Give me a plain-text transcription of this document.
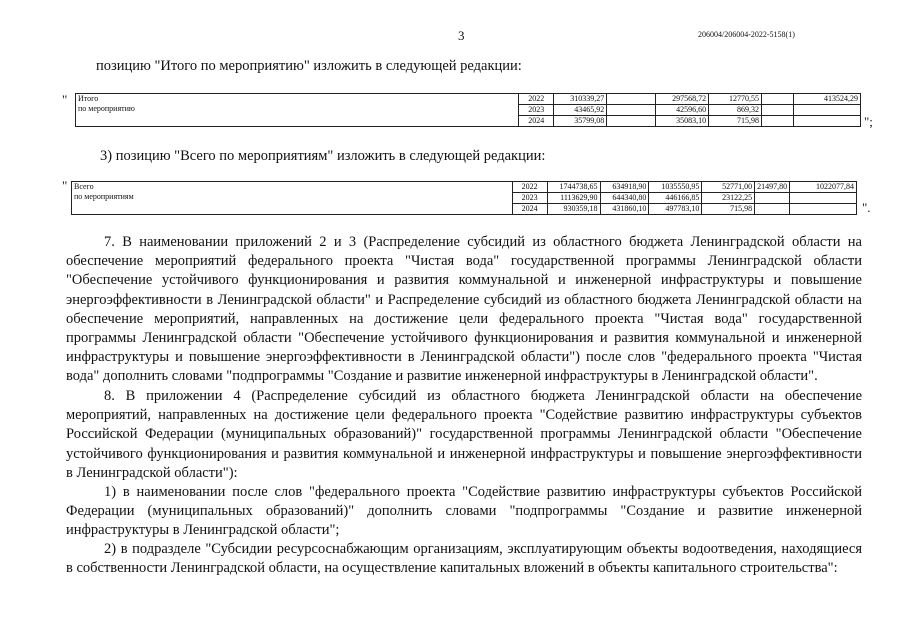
3	206004/206004-2022-5158(1)
позицию "Итого по мероприятию" изложить в следующей редакции:
" Итого
по мероприятию	2022	310339,27		297568,72	12770,55		413524,29
	2023	43465,92		42596,60	869,32		
	2024	35799,08		35083,10	715,98			";
3) позицию "Всего по мероприятиям" изложить в следующей редакции:
" Всего
по мероприятиям	2022	1744738,65	634918,90	1035550,95	52771,00	21497,80	1022077,84
	2023	1113629,90	644340,80	446166,85	23122,25		
	2024	930359,18	431860,10	497783,10	715,98			".

7. В наименовании приложений 2 и 3 (Распределение субсидий из областного бюджета Ленинградской области на обеспечение мероприятий федерального проекта "Чистая вода" государственной программы Ленинградской области "Обеспечение устойчивого функционирования и развития коммунальной и инженерной инфраструктуры и повышение энергоэффективности в Ленинградской области" и Распределение субсидий из областного бюджета Ленинградской области на обеспечение мероприятий, направленных на достижение цели федерального проекта "Чистая вода" государственной программы Ленинградской области "Обеспечение устойчивого функционирования и развития коммунальной и инженерной инфраструктуры и повышение энергоэффективности в Ленинградской области") после слов "федерального проекта "Чистая вода" дополнить словами "подпрограммы "Создание и развитие инженерной инфраструктуры в Ленинградской области".

8. В приложении 4 (Распределение субсидий из областного бюджета Ленинградской области на обеспечение мероприятий, направленных на достижение цели федерального проекта "Содействие развитию инфраструктуры субъектов Российской Федерации (муниципальных образований)" государственной программы Ленинградской области "Обеспечение устойчивого функционирования и развития коммунальной и инженерной инфраструктуры и повышение энергоэффективности в Ленинградской области"):

1) в наименовании после слов "федерального проекта "Содействие развитию инфраструктуры субъектов Российской Федерации (муниципальных образований)" дополнить словами "подпрограммы "Создание и развитие инженерной инфраструктуры в Ленинградской области";

2) в подразделе "Субсидии ресурсоснабжающим организациям, эксплуатирующим объекты водоотведения, находящиеся в собственности Ленинградской области, на осуществление капитальных вложений в объекты капитального строительства":
